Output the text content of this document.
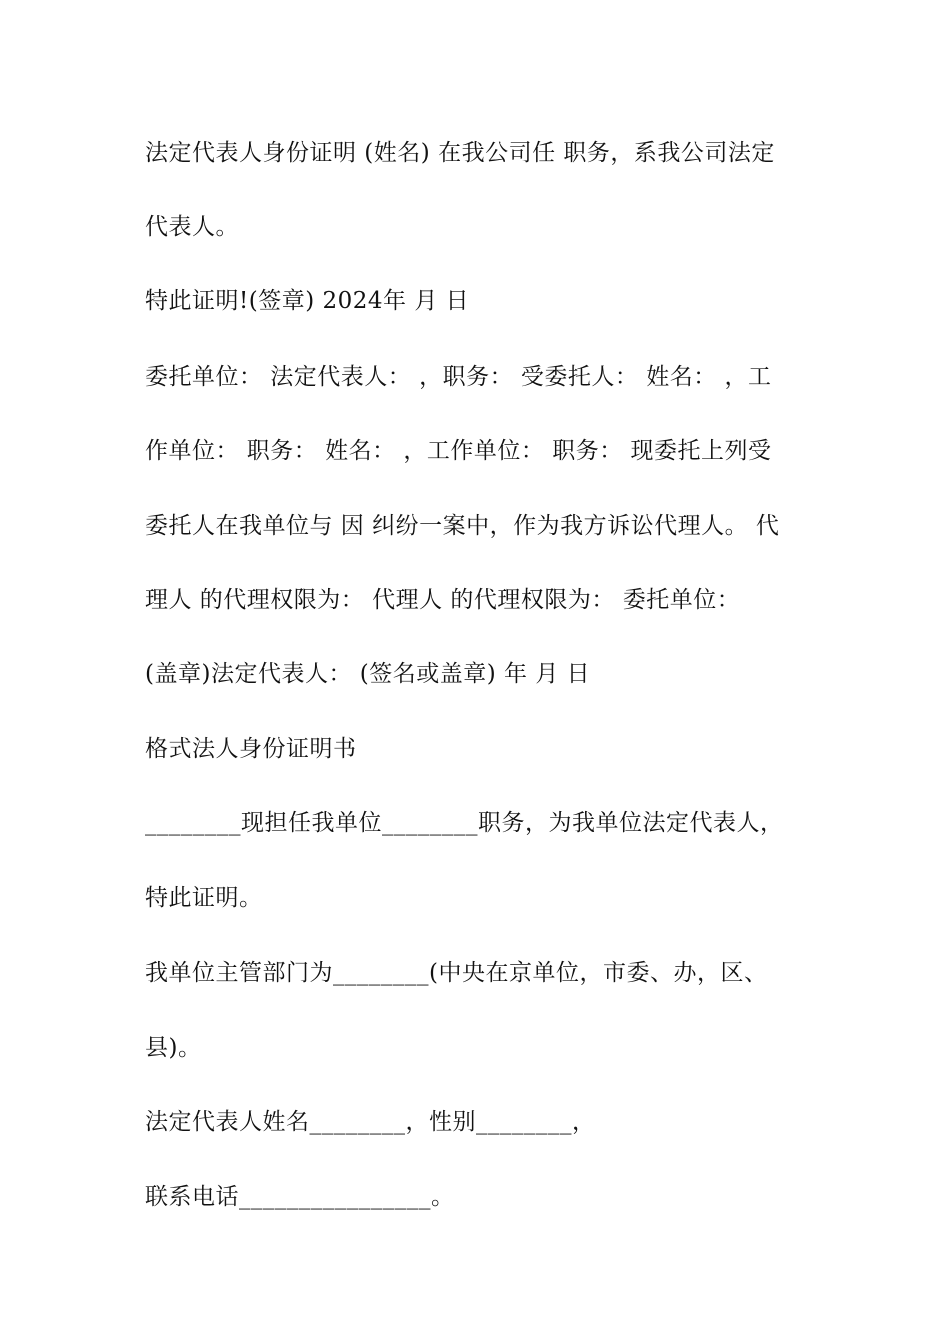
法定代表人身份证明 (姓名) 在我公司任 职务，系我公司法定
代表人。
特此证明!(签章) 2024年 月 日
委托单位： 法定代表人： ，职务： 受委托人： 姓名： ，工
作单位： 职务： 姓名： ，工作单位： 职务： 现委托上列受
委托人在我单位与 因 纠纷一案中，作为我方诉讼代理人。 代
理人 的代理权限为： 代理人 的代理权限为： 委托单位：
(盖章)法定代表人： (签名或盖章) 年 月 日
格式法人身份证明书
________现担任我单位________职务，为我单位法定代表人，
特此证明。
我单位主管部门为________(中央在京单位，市委、办，区、
县)。
法定代表人姓名________，性别________，
联系电话________________。
